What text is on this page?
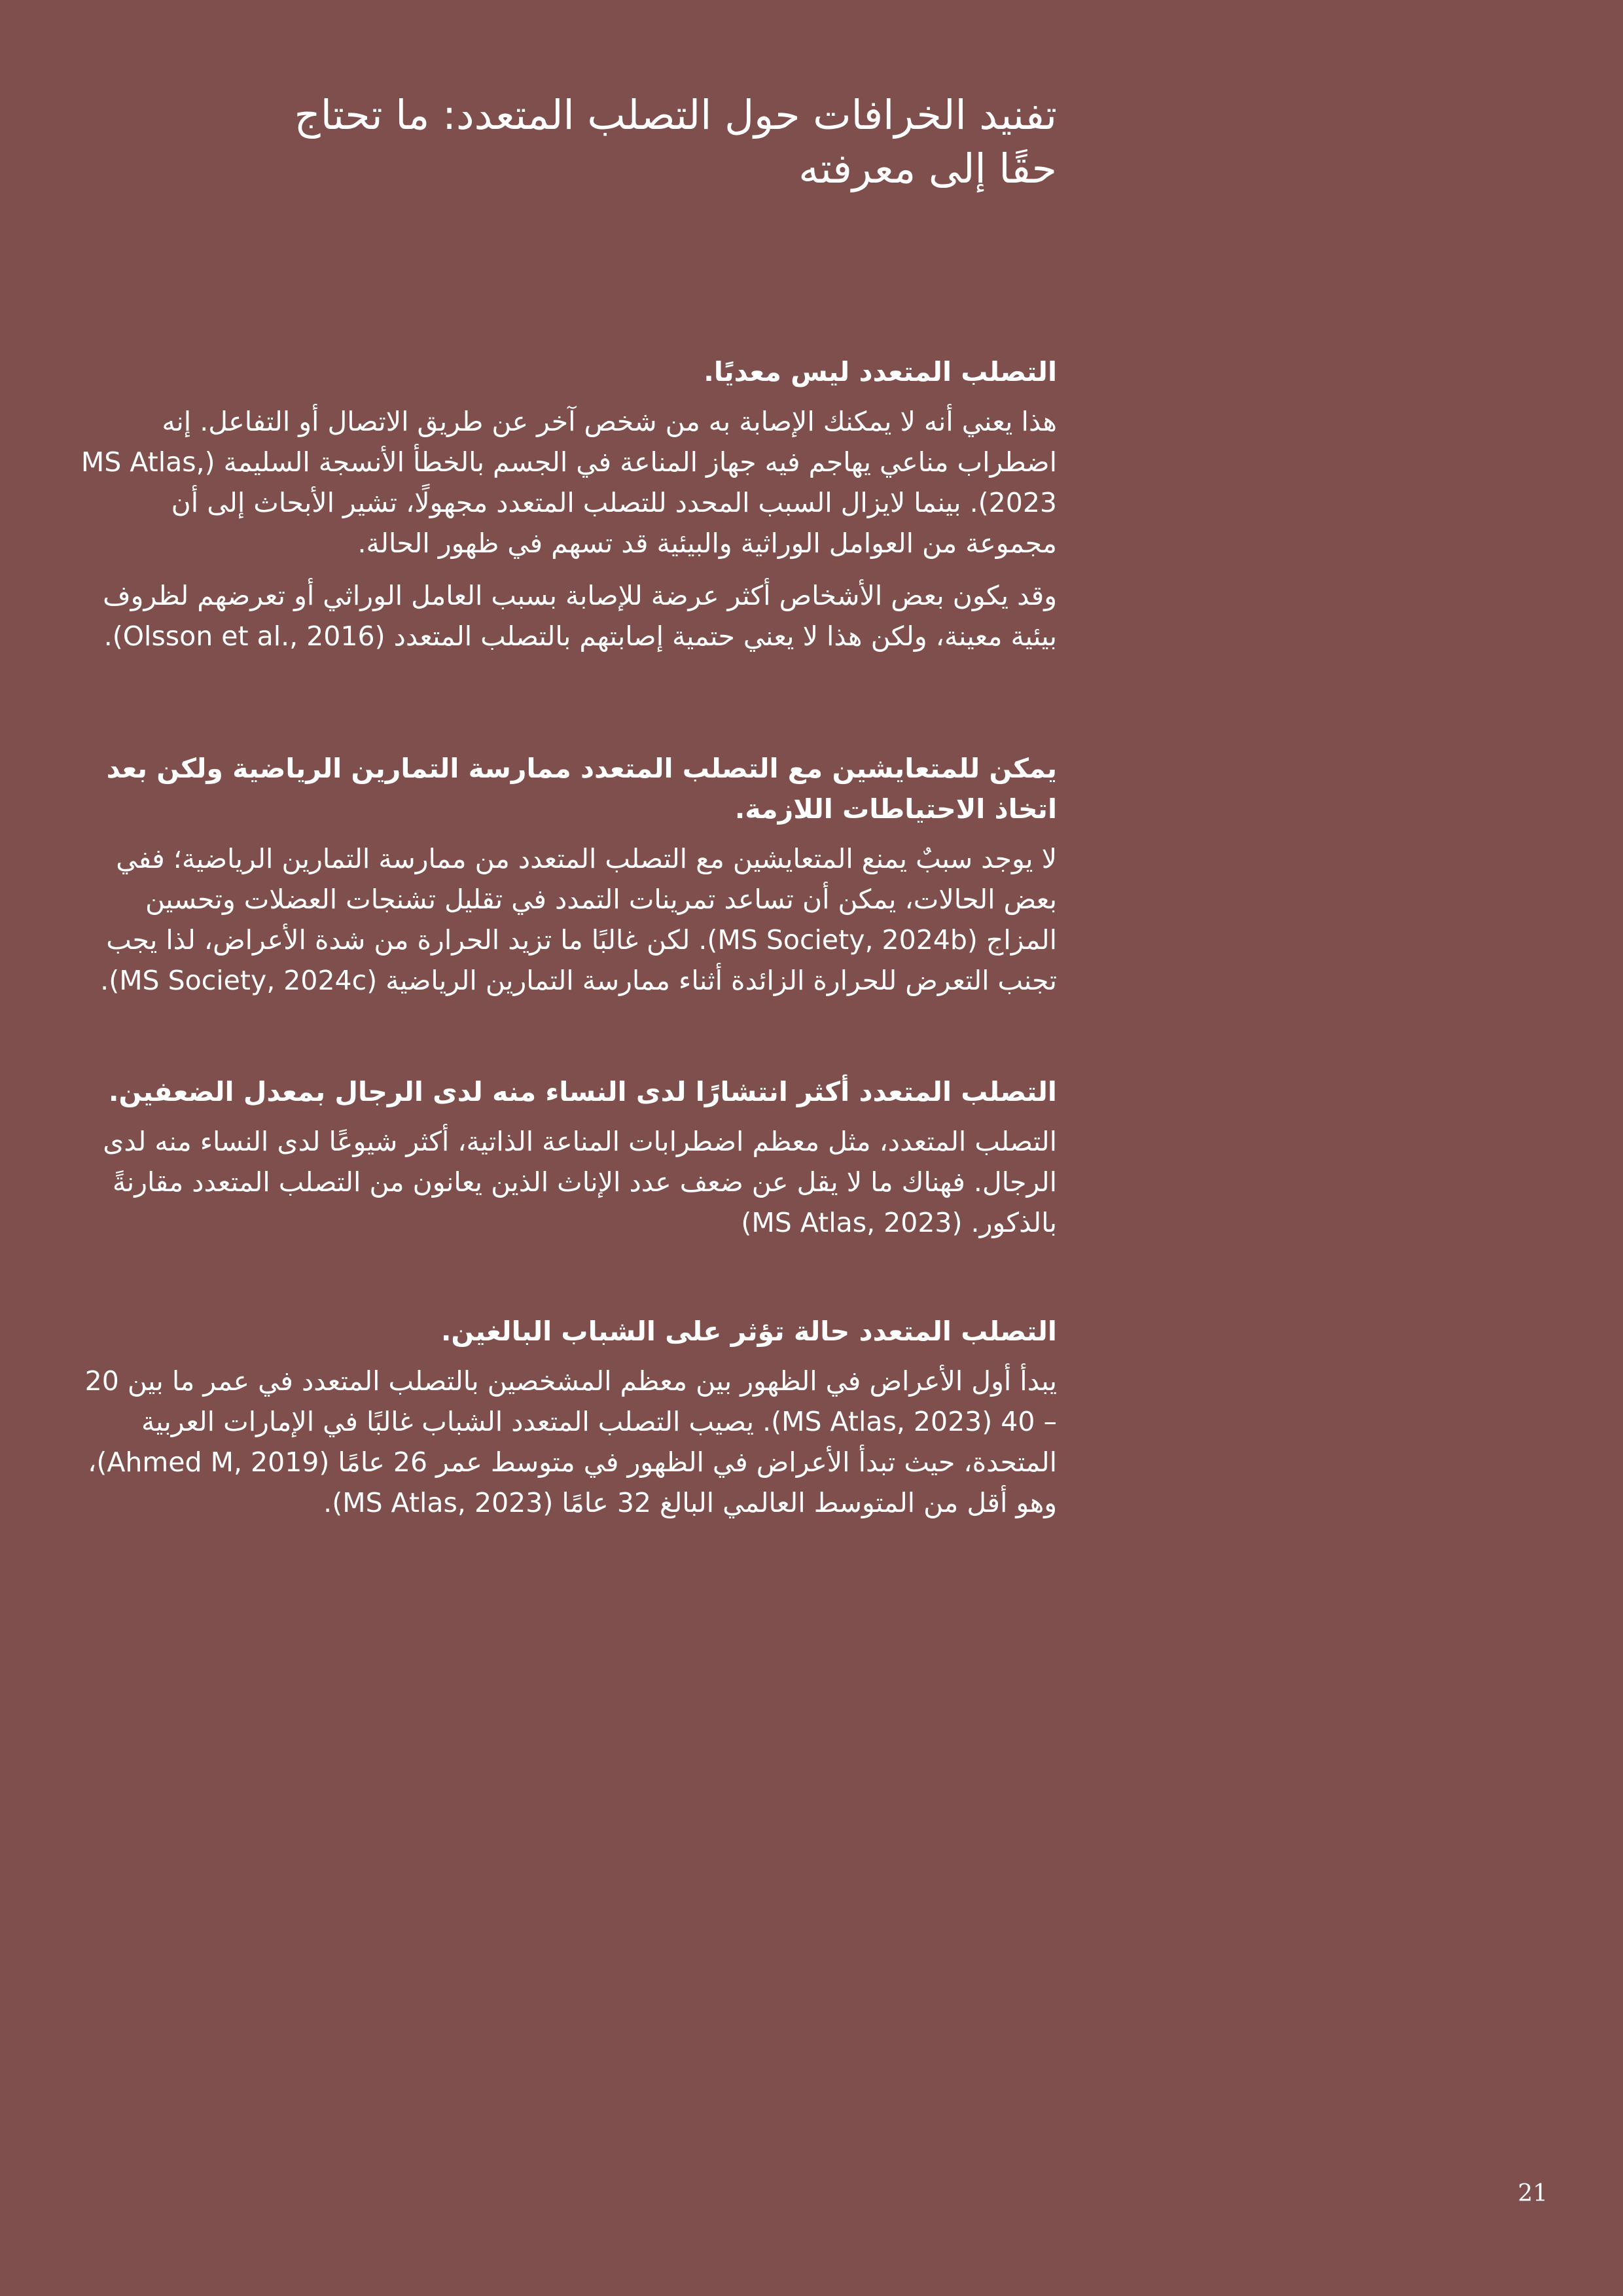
تفنيد الخرافات حول التصلب المتعدد: ما تحتاج
حقًا إلى معرفته
التصلب المتعدد ليس معديًا.

هذا يعني أنه لا يمكنك الإصابة به من شخص آخر عن طريق الاتصال أو التفاعل. إنه اضطراب مناعي يهاجم فيه جهاز المناعة في الجسم بالخطأ الأنسجة السليمة (MS Atlas, 2023). بينما لايزال السبب المحدد للتصلب المتعدد مجهولًا، تشير الأبحاث إلى أن مجموعة من العوامل الوراثية والبيئية قد تسهم في ظهور الحالة.

وقد يكون بعض الأشخاص أكثر عرضة للإصابة بسبب العامل الوراثي أو تعرضهم لظروف بيئية معينة، ولكن هذا لا يعني حتمية إصابتهم بالتصلب المتعدد (Olsson et al., 2016).

يمكن للمتعايشين مع التصلب المتعدد ممارسة التمارين الرياضية ولكن بعد اتخاذ الاحتياطات اللازمة.

لا يوجد سببٌ يمنع المتعايشين مع التصلب المتعدد من ممارسة التمارين الرياضية؛ ففي بعض الحالات، يمكن أن تساعد تمرينات التمدد في تقليل تشنجات العضلات وتحسين المزاج (MS Society, 2024b). لكن غالبًا ما تزيد الحرارة من شدة الأعراض، لذا يجب تجنب التعرض للحرارة الزائدة أثناء ممارسة التمارين الرياضية (MS Society, 2024c).

التصلب المتعدد أكثر انتشارًا لدى النساء منه لدى الرجال بمعدل الضعفين.

التصلب المتعدد، مثل معظم اضطرابات المناعة الذاتية، أكثر شيوعًا لدى النساء منه لدى الرجال. فهناك ما لا يقل عن ضعف عدد الإناث الذين يعانون من التصلب المتعدد مقارنةً بالذكور. (MS Atlas, 2023)

التصلب المتعدد حالة تؤثر على الشباب البالغين.

يبدأ أول الأعراض في الظهور بين معظم المشخصين بالتصلب المتعدد في عمر ما بين 20 – 40 (MS Atlas, 2023). يصيب التصلب المتعدد الشباب غالبًا في الإمارات العربية المتحدة، حيث تبدأ الأعراض في الظهور في متوسط عمر 26 عامًا (Ahmed M, 2019)، وهو أقل من المتوسط العالمي البالغ 32 عامًا (MS Atlas, 2023).

21
